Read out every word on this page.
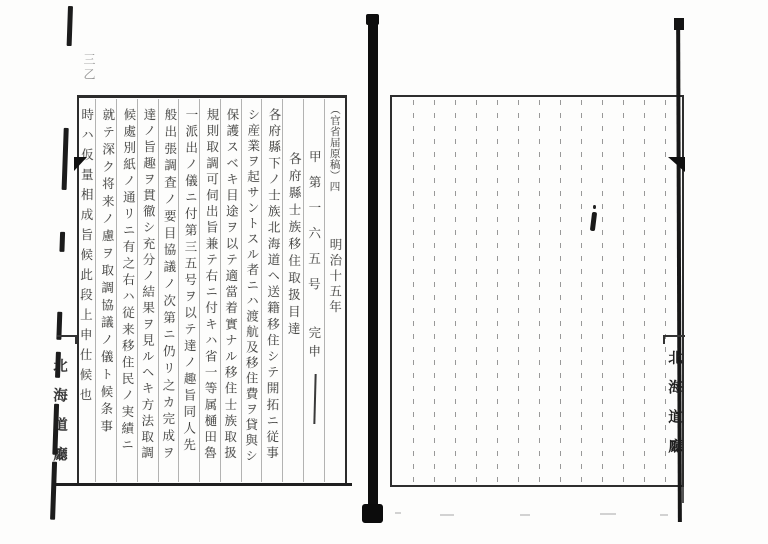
三乙
（官省届原稿）四
明治十五年
甲第一六五号
完申
各府縣士族移住取扱目達
各府縣下ノ士族北海道ヘ送籍移住シテ開拓ニ従事
シ産業ヲ起サントスル者ニハ渡航及移住費ヲ貸與シ
保護スベキ目途ヲ以テ適當着實ナル移住士族取扱
規則取調可伺出旨兼テ右ニ付キハ省一等属樋田魯
一派出ノ儀ニ付第三五号ヲ以テ達ノ趣旨同人先
般出張調査ノ要目協議ノ次第ニ仍リ之カ完成ヲ
達ノ旨趣ヲ貫徹シ充分ノ結果ヲ見ルヘキ方法取調
候處別紙ノ通リニ有之右ハ従来移住民ノ実績ニ
就テ深ク将来ノ慮ヲ取調協議ノ儀ト候条事
時ハ仮量相成旨候此段上申仕候也
北海道廳	北海道廳
